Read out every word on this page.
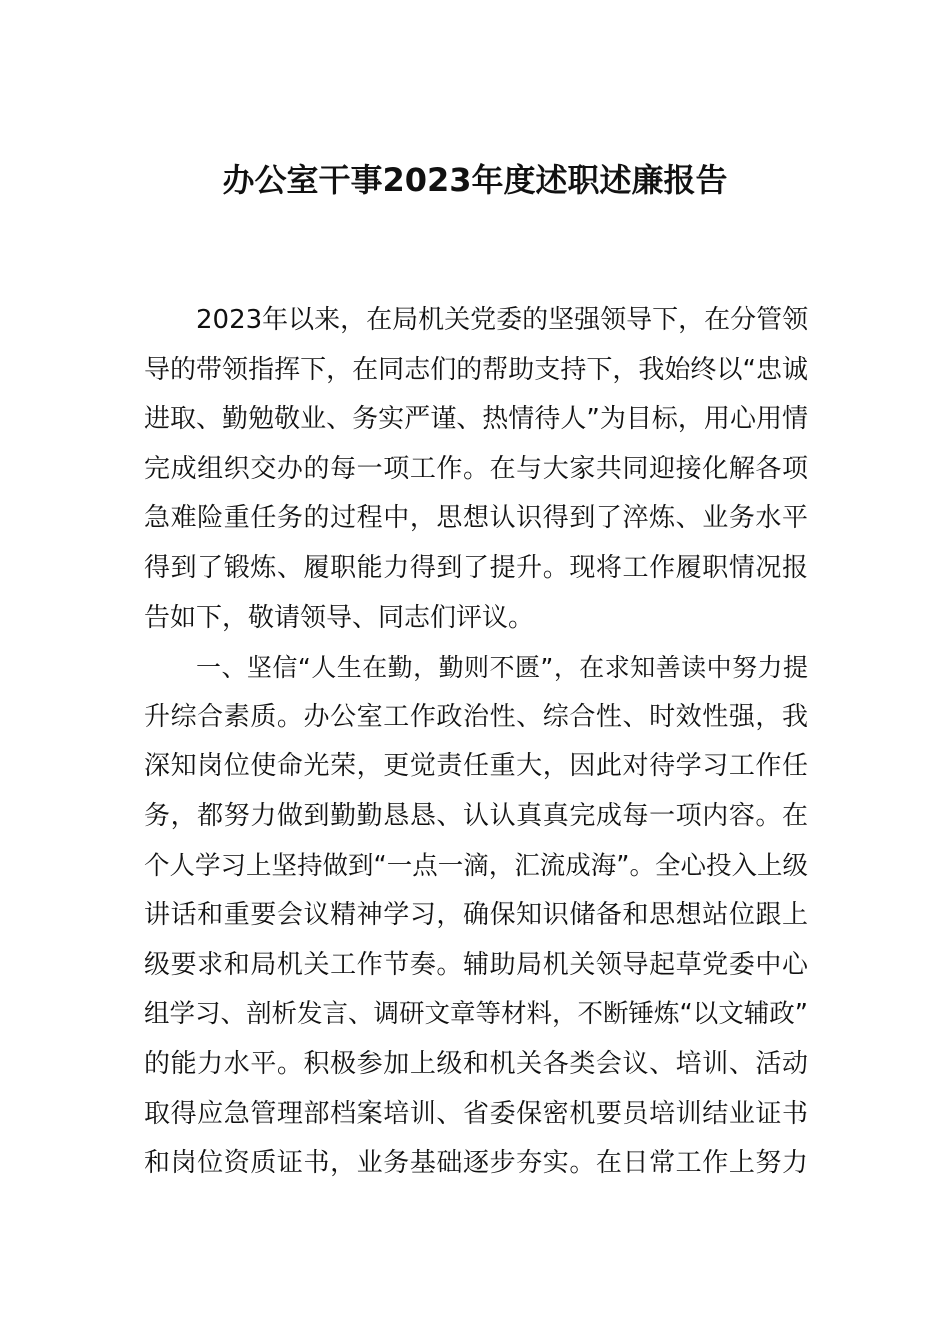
办公室干事2023年度述职述廉报告
2023年以来，在局机关党委的坚强领导下，在分管领
导的带领指挥下，在同志们的帮助支持下，我始终以“忠诚
进取、勤勉敬业、务实严谨、热情待人”为目标，用心用情
完成组织交办的每一项工作。在与大家共同迎接化解各项
急难险重任务的过程中，思想认识得到了淬炼、业务水平
得到了锻炼、履职能力得到了提升。现将工作履职情况报
告如下，敬请领导、同志们评议。
一、坚信“人生在勤，勤则不匮”，在求知善读中努力提
升综合素质。办公室工作政治性、综合性、时效性强，我
深知岗位使命光荣，更觉责任重大，因此对待学习工作任
务，都努力做到勤勤恳恳、认认真真完成每一项内容。在
个人学习上坚持做到“一点一滴，汇流成海”。全心投入上级
讲话和重要会议精神学习，确保知识储备和思想站位跟上
级要求和局机关工作节奏。辅助局机关领导起草党委中心
组学习、剖析发言、调研文章等材料，不断锤炼“以文辅政”
的能力水平。积极参加上级和机关各类会议、培训、活动
取得应急管理部档案培训、省委保密机要员培训结业证书
和岗位资质证书，业务基础逐步夯实。在日常工作上努力
